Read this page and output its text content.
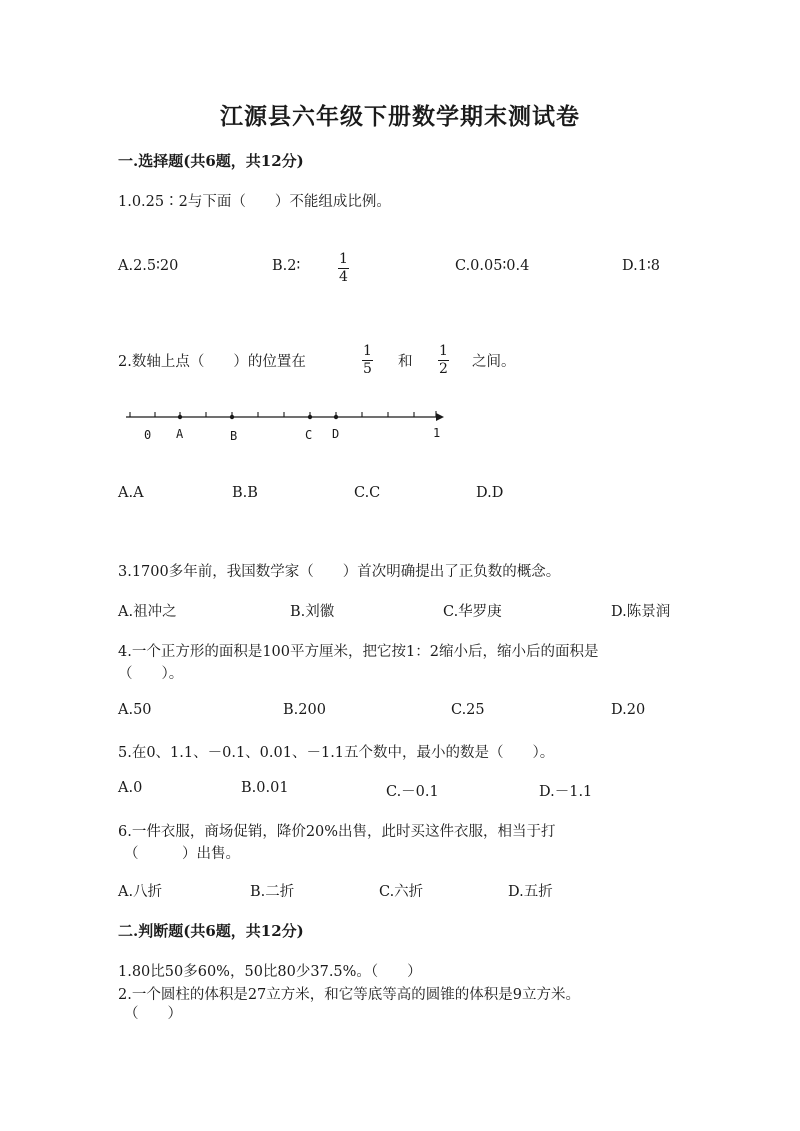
江源县六年级下册数学期末测试卷
一.选择题(共6题，共12分)
1.0.25∶2与下面（　　）不能组成比例。
A.2.5∶20	B.2∶	1
4
C.0.05∶0.4	D.1∶8
2.数轴上点（　　）的位置在
1
5 和
1
2 之间。
0 A	B	C D	1
A.A	B.B	C.C	D.D
3.1700多年前，我国数学家（　　）首次明确提出了正负数的概念。
A.祖冲之	B.刘徽	C.华罗庚	D.陈景润
4.一个正方形的面积是100平方厘米，把它按1：2缩小后，缩小后的面积是
（　　）。
A.50	B.200	C.25	D.20
5.在0、1.1、－0.1、0.01、－1.1五个数中，最小的数是（　　）。
A.0	B.0.01	C.－0.1	D.－1.1
6.一件衣服，商场促销，降价20%出售，此时买这件衣服，相当于打
（　　　）出售。
A.八折	B.二折	C.六折	D.五折
二.判断题(共6题，共12分)
1.80比50多60%，50比80少37.5%。（　　）
2.一个圆柱的体积是27立方米，和它等底等高的圆锥的体积是9立方米。
（　　）
